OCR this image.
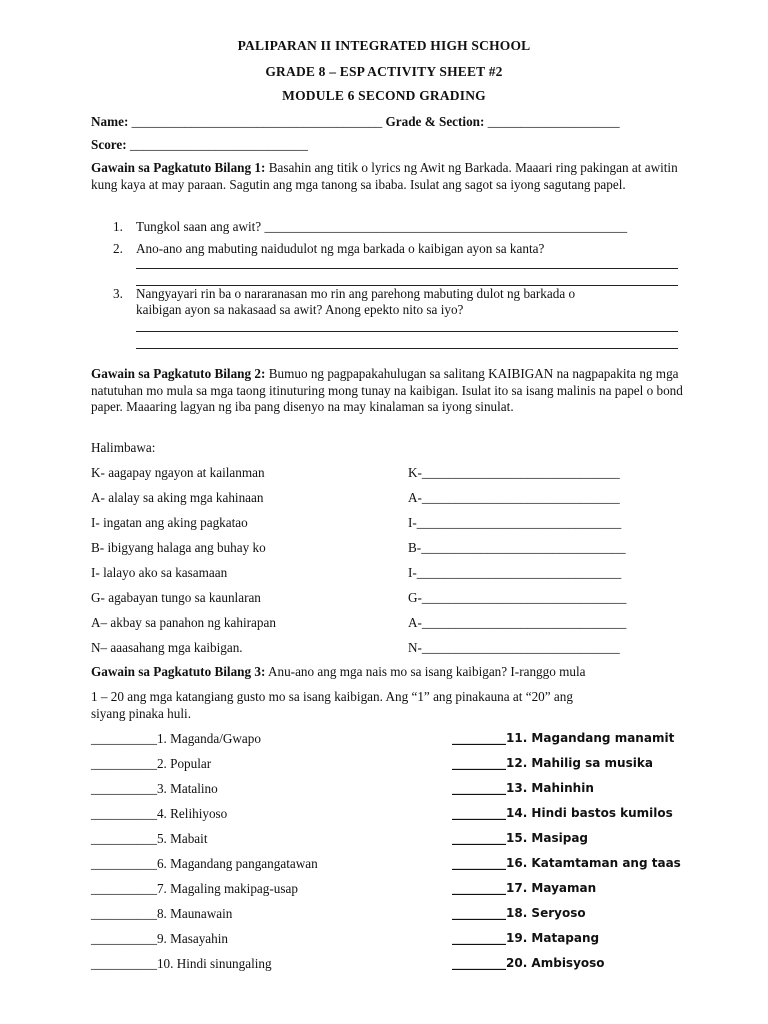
PALIPARAN II INTEGRATED HIGH SCHOOL
GRADE 8 – ESP ACTIVITY SHEET #2
MODULE 6 SECOND GRADING
Name: ______________________________________ Grade & Section: ____________________
Score: ___________________________
Gawain sa Pagkatuto Bilang 1: Basahin ang titik o lyrics ng Awit ng Barkada. Maaari ring pakingan at awitin kung kaya at may paraan. Sagutin ang mga tanong sa ibaba. Isulat ang sagot sa iyong sagutang papel.
1. Tungkol saan ang awit? _______________________________________________________
2. Ano-ano ang mabuting naidudulot ng mga barkada o kaibigan ayon sa kanta?
3. Nangyayari rin ba o nararanasan mo rin ang parehong mabuting dulot ng barkada o
kaibigan ayon sa nakasaad sa awit? Anong epekto nito sa iyo?
Gawain sa Pagkatuto Bilang 2: Bumuo ng pagpapakahulugan sa salitang KAIBIGAN na nagpapakita ng mga natutuhan mo mula sa mga taong itinuturing mong tunay na kaibigan. Isulat ito sa isang malinis na papel o bond paper. Maaaring lagyan ng iba pang disenyo na may kinalaman sa iyong sinulat.
Halimbawa:
K- aagapay ngayon at kailanman	K-______________________________
A- alalay sa aking mga kahinaan	A-______________________________
I- ingatan ang aking pagkatao	I-_______________________________
B- ibigyang halaga ang buhay ko	B-_______________________________
I- lalayo ako sa kasamaan	I-_______________________________
G- agabayan tungo sa kaunlaran	G-_______________________________
A– akbay sa panahon ng kahirapan	A-_______________________________
N– aaasahang mga kaibigan.	N-______________________________
Gawain sa Pagkatuto Bilang 3: Anu-ano ang mga nais mo sa isang kaibigan? I-ranggo mula
1 – 20 ang mga katangiang gusto mo sa isang kaibigan. Ang “1” ang pinakauna at “20” ang
siyang pinaka huli.
__________1. Maganda/Gwapo
__________2. Popular
__________3. Matalino
__________4. Relihiyoso
__________5. Mabait
__________6. Magandang pangangatawan
__________7. Magaling makipag-usap
__________8. Maunawain
__________9. Masayahin
__________10. Hindi sinungaling
_________11. Magandang manamit
_________12. Mahilig sa musika
_________13. Mahinhin
_________14. Hindi bastos kumilos
_________15. Masipag
_________16. Katamtaman ang taas
_________17. Mayaman
_________18. Seryoso
_________19. Matapang
_________20. Ambisyoso
